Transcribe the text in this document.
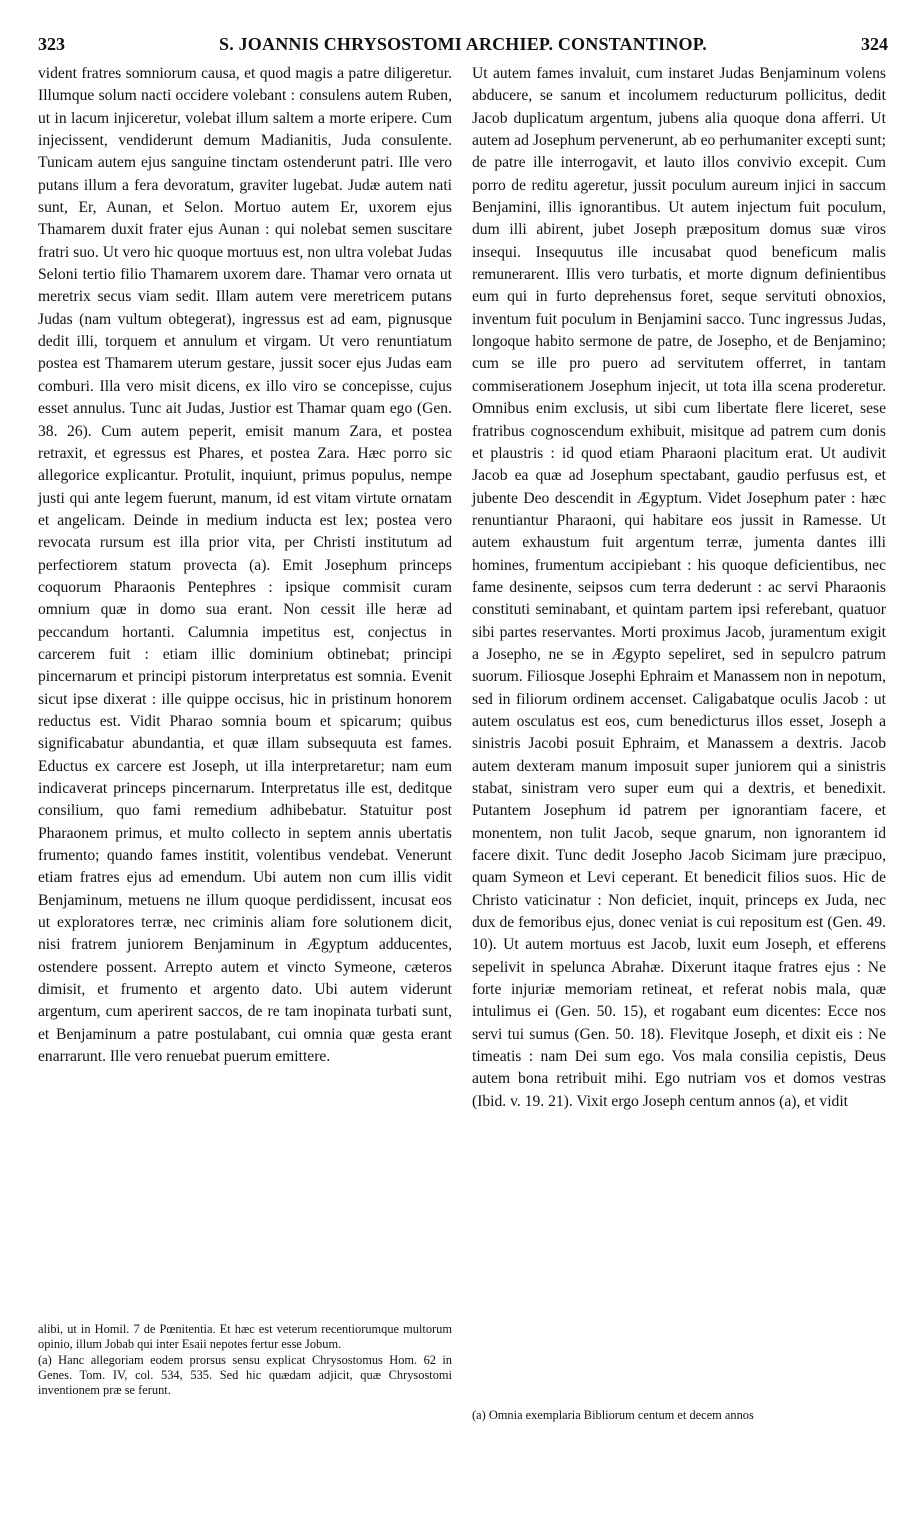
323	S. JOANNIS CHRYSOSTOMI ARCHIEP. CONSTANTINOP.	324

vident fratres somniorum causa, et quod magis a patre diligeretur. Illumque solum nacti occidere volebant : consulens autem Ruben, ut in lacum injiceretur, volebat illum saltem a morte eripere. Cum injecissent, vendiderunt demum Madianitis, Juda consulente. Tunicam autem ejus sanguine tinctam ostenderunt patri. Ille vero putans illum a fera devoratum, graviter lugebat. Judæ autem nati sunt, Er, Aunan, et Selon. Mortuo autem Er, uxorem ejus Thamarem duxit frater ejus Aunan : qui nolebat semen suscitare fratri suo. Ut vero hic quoque mortuus est, non ultra volebat Judas Seloni tertio filio Thamarem uxorem dare. Thamar vero ornata ut meretrix secus viam sedit. Illam autem vere meretricem putans Judas (nam vultum obtegerat), ingressus est ad eam, pignusque dedit illi, torquem et annulum et virgam. Ut vero renuntiatum postea est Thamarem uterum gestare, jussit socer ejus Judas eam comburi. Illa vero misit dicens, ex illo viro se concepisse, cujus esset annulus. Tunc ait Judas, Justior est Thamar quam ego (Gen. 38. 26). Cum autem peperit, emisit manum Zara, et postea retraxit, et egressus est Phares, et postea Zara. Hæc porro sic allegorice explicantur. Protulit, inquiunt, primus populus, nempe justi qui ante legem fuerunt, manum, id est vitam virtute ornatam et angelicam. Deinde in medium inducta est lex; postea vero revocata rursum est illa prior vita, per Christi institutum ad perfectiorem statum provecta (a). Emit Josephum princeps coquorum Pharaonis Pentephres : ipsique commisit curam omnium quæ in domo sua erant. Non cessit ille heræ ad peccandum hortanti. Calumnia impetitus est, conjectus in carcerem fuit : etiam illic dominium obtinebat; principi pincernarum et principi pistorum interpretatus est somnia. Evenit sicut ipse dixerat : ille quippe occisus, hic in pristinum honorem reductus est. Vidit Pharao somnia boum et spicarum; quibus significabatur abundantia, et quæ illam subsequuta est fames. Eductus ex carcere est Joseph, ut illa interpretaretur; nam eum indicaverat princeps pincernarum. Interpretatus ille est, deditque consilium, quo fami remedium adhibebatur. Statuitur post Pharaonem primus, et multo collecto in septem annis ubertatis frumento; quando fames institit, volentibus vendebat. Venerunt etiam fratres ejus ad emendum. Ubi autem non cum illis vidit Benjaminum, metuens ne illum quoque perdidissent, incusat eos ut exploratores terræ, nec criminis aliam fore solutionem dicit, nisi fratrem juniorem Benjaminum in Ægyptum adducentes, ostendere possent. Arrepto autem et vincto Symeone, cæteros dimisit, et frumento et argento dato. Ubi autem viderunt argentum, cum aperirent saccos, de re tam inopinata turbati sunt, et Benjaminum a patre postulabant, cui omnia quæ gesta erant enarrarunt. Ille vero renuebat puerum emittere.

alibi, ut in Homil. 7 de Pœnitentia. Et hæc est veterum recentiorumque multorum opinio, illum Jobab qui inter Esaii nepotes fertur esse Jobum.

(a) Hanc allegoriam eodem prorsus sensu explicat Chrysostomus Hom. 62 in Genes. Tom. IV, col. 534, 535. Sed hic quædam adjicit, quæ Chrysostomi inventionem præ se ferunt.

Ut autem fames invaluit, cum instaret Judas Benjaminum volens abducere, se sanum et incolumem reducturum pollicitus, dedit Jacob duplicatum argentum, jubens alia quoque dona afferri. Ut autem ad Josephum pervenerunt, ab eo perhumaniter excepti sunt; de patre ille interrogavit, et lauto illos convivio excepit. Cum porro de reditu ageretur, jussit poculum aureum injici in saccum Benjamini, illis ignorantibus. Ut autem injectum fuit poculum, dum illi abirent, jubet Joseph præpositum domus suæ viros insequi. Insequutus ille incusabat quod beneficum malis remunerarent. Illis vero turbatis, et morte dignum definientibus eum qui in furto deprehensus foret, seque servituti obnoxios, inventum fuit poculum in Benjamini sacco. Tunc ingressus Judas, longoque habito sermone de patre, de Josepho, et de Benjamino; cum se ille pro puero ad servitutem offerret, in tantam commiserationem Josephum injecit, ut tota illa scena proderetur. Omnibus enim exclusis, ut sibi cum libertate flere liceret, sese fratribus cognoscendum exhibuit, misitque ad patrem cum donis et plaustris : id quod etiam Pharaoni placitum erat. Ut audivit Jacob ea quæ ad Josephum spectabant, gaudio perfusus est, et jubente Deo descendit in Ægyptum. Videt Josephum pater : hæc renuntiantur Pharaoni, qui habitare eos jussit in Ramesse. Ut autem exhaustum fuit argentum terræ, jumenta dantes illi homines, frumentum accipiebant : his quoque deficientibus, nec fame desinente, seipsos cum terra dederunt : ac servi Pharaonis constituti seminabant, et quintam partem ipsi referebant, quatuor sibi partes reservantes. Morti proximus Jacob, juramentum exigit a Josepho, ne se in Ægypto sepeliret, sed in sepulcro patrum suorum. Filiosque Josephi Ephraim et Manassem non in nepotum, sed in filiorum ordinem accenset. Caligabatque oculis Jacob : ut autem osculatus est eos, cum benedicturus illos esset, Joseph a sinistris Jacobi posuit Ephraim, et Manassem a dextris. Jacob autem dexteram manum imposuit super juniorem qui a sinistris stabat, sinistram vero super eum qui a dextris, et benedixit. Putantem Josephum id patrem per ignorantiam facere, et monentem, non tulit Jacob, seque gnarum, non ignorantem id facere dixit. Tunc dedit Josepho Jacob Sicimam jure præcipuo, quam Symeon et Levi ceperant. Et benedicit filios suos. Hic de Christo vaticinatur : Non deficiet, inquit, princeps ex Juda, nec dux de femoribus ejus, donec veniat is cui repositum est (Gen. 49. 10). Ut autem mortuus est Jacob, luxit eum Joseph, et efferens sepelivit in spelunca Abrahæ. Dixerunt itaque fratres ejus : Ne forte injuriæ memoriam retineat, et referat nobis mala, quæ intulimus ei (Gen. 50. 15), et rogabant eum dicentes: Ecce nos servi tui sumus (Gen. 50. 18). Flevitque Joseph, et dixit eis : Ne timeatis : nam Dei sum ego. Vos mala consilia cepistis, Deus autem bona retribuit mihi. Ego nutriam vos et domos vestras (Ibid. v. 19. 21). Vixit ergo Joseph centum annos (a), et vidit

(a) Omnia exemplaria Bibliorum centum et decem annos
